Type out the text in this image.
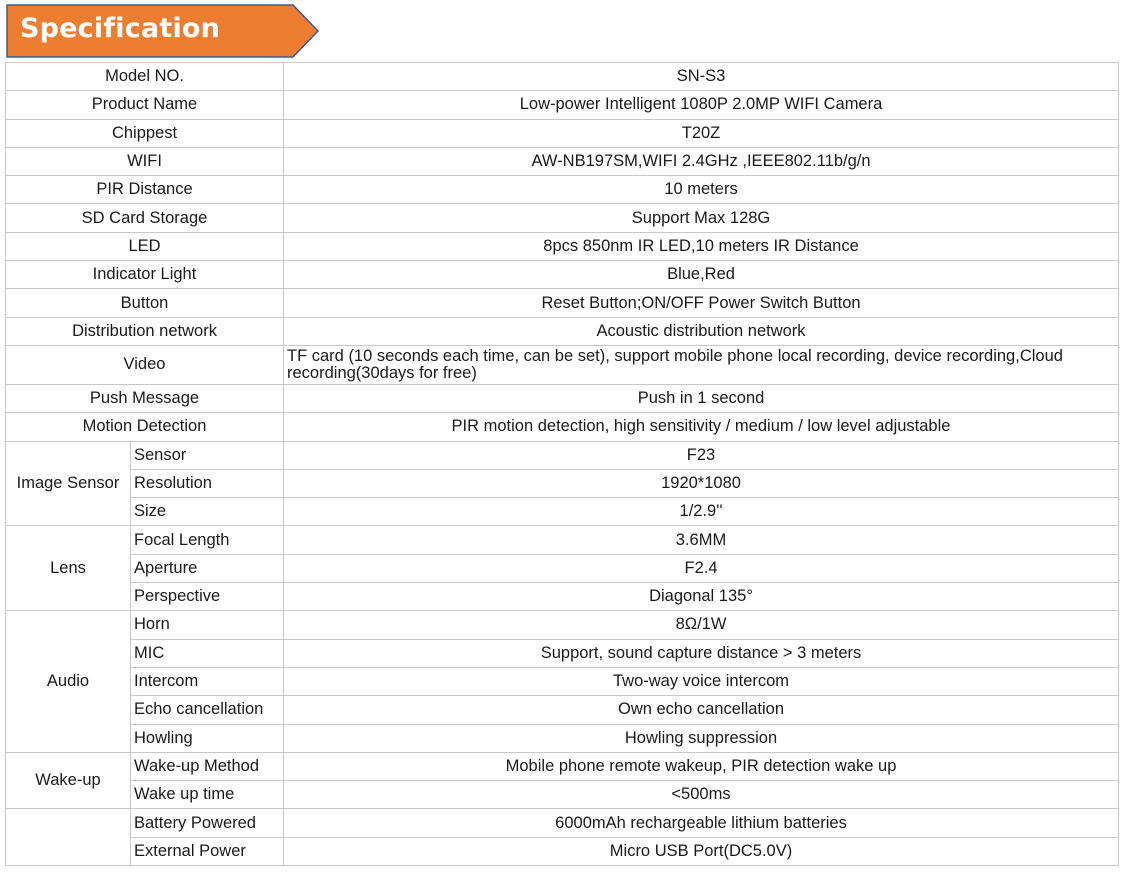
Specification
Model NO.		SN-S3
Product Name		Low-power Intelligent 1080P 2.0MP WIFI Camera
Chippest		T20Z
WIFI		AW-NB197SM,WIFI 2.4GHz ,IEEE802.11b/g/n
PIR Distance		10 meters
SD Card Storage		Support Max 128G
LED		8pcs 850nm IR LED,10 meters IR Distance
Indicator Light		Blue,Red
Button		Reset Button;ON/OFF Power Switch Button
Distribution network		Acoustic distribution network
Video		TF card (10 seconds each time, can be set), support mobile phone local recording, device recording,Cloud recording(30days for free)
Push Message		Push in 1 second
Motion Detection		PIR motion detection, high sensitivity / medium / low level adjustable
Image Sensor	Sensor	F23
	Resolution	1920*1080
	Size	1/2.9''
Lens	Focal Length	3.6MM
	Aperture	F2.4
	Perspective	Diagonal 135°
Audio	Horn	8Ω/1W
	MIC	Support, sound capture distance > 3 meters
	Intercom	Two-way voice intercom
	Echo cancellation	Own echo cancellation
	Howling	Howling suppression
Wake-up	Wake-up Method	Mobile phone remote wakeup, PIR detection wake up
	Wake up time	<500ms
	Battery Powered	6000mAh rechargeable lithium batteries
	External Power	Micro USB Port(DC5.0V)
